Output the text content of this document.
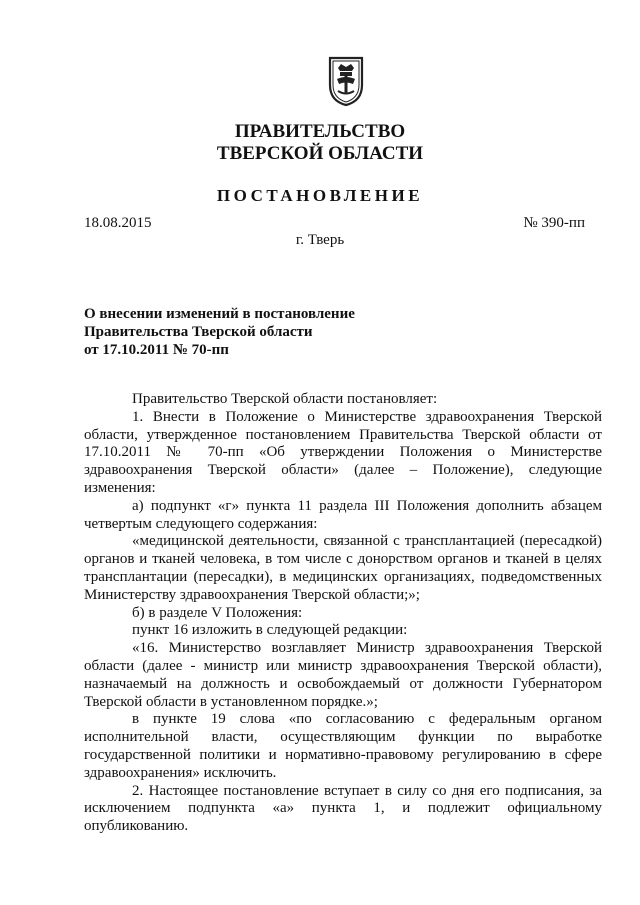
ПРАВИТЕЛЬСТВО
ТВЕРСКОЙ ОБЛАСТИ
ПОСТАНОВЛЕНИЕ
18.08.2015	№ 390-пп
г. Тверь
О внесении изменений в постановление
Правительства Тверской области
от 17.10.2011 № 70-пп

Правительство Тверской области постановляет:

1. Внести в Положение о Министерстве здравоохранения Тверской области, утвержденное постановлением Правительства Тверской области от 17.10.2011 № 70-пп «Об утверждении Положения о Министерстве здравоохранения Тверской области» (далее – Положение), следующие изменения:

а) подпункт «г» пункта 11 раздела III Положения дополнить абзацем четвертым следующего содержания:

«медицинской деятельности, связанной с трансплантацией (пересадкой) органов и тканей человека, в том числе с донорством органов и тканей в целях трансплантации (пересадки), в медицинских организациях, подведомственных Министерству здравоохранения Тверской области;»;

б) в разделе V Положения:

пункт 16 изложить в следующей редакции:

«16. Министерство возглавляет Министр здравоохранения Тверской области (далее - министр или министр здравоохранения Тверской области), назначаемый на должность и освобождаемый от должности Губернатором Тверской области в установленном порядке.»;

в пункте 19 слова «по согласованию с федеральным органом исполнительной власти, осуществляющим функции по выработке государственной политики и нормативно-правовому регулированию в сфере здравоохранения» исключить.

2. Настоящее постановление вступает в силу со дня его подписания, за исключением подпункта «а» пункта 1, и подлежит официальному опубликованию.
